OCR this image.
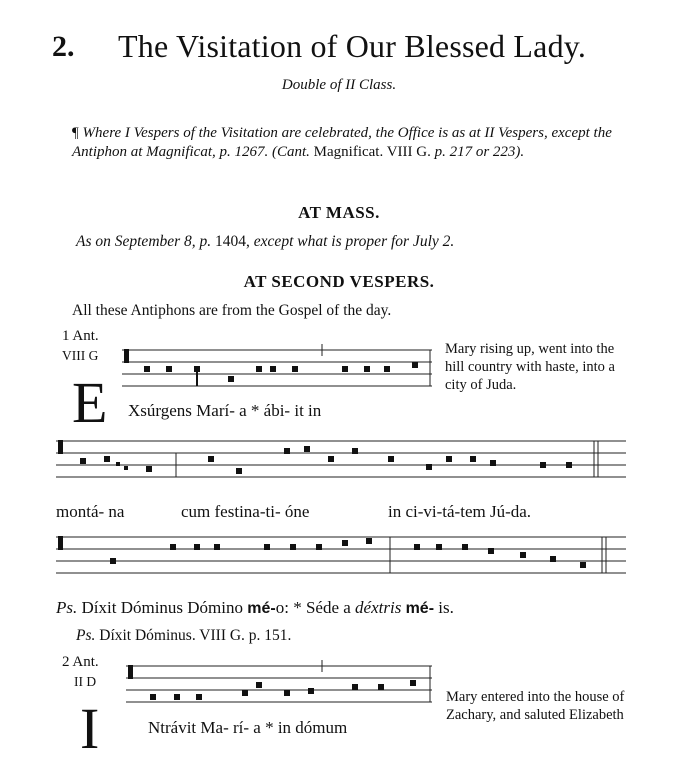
2. The Visitation of Our Blessed Lady.
Double of II Class.
¶ Where I Vespers of the Visitation are celebrated, the Office is as at II Vespers, except the Antiphon at Magnificat, p. 1267. (Cant. Magnificat. VIII G. p. 217 or 223).
AT MASS.
As on September 8, p. 1404, except what is proper for July 2.
AT SECOND VESPERS.
All these Antiphons are from the Gospel of the day.
1 Ant.
VIII G
E Xsúrgens Marí- a * ábi- it in
Mary rising up, went into the hill country with haste, into a city of Juda.
montá- na	cum festina-ti- óne	in ci-vi-tá-tem Jú-da.
Ps. Díxit Dóminus Dómino mé-o: * Séde a déxtris mé- is.
Ps. Díxit Dóminus. VIII G. p. 151.
2 Ant.
II D
I	Ntrávit Ma- rí- a * in dómum
Mary entered into the house of Zachary, and saluted Elizabeth
